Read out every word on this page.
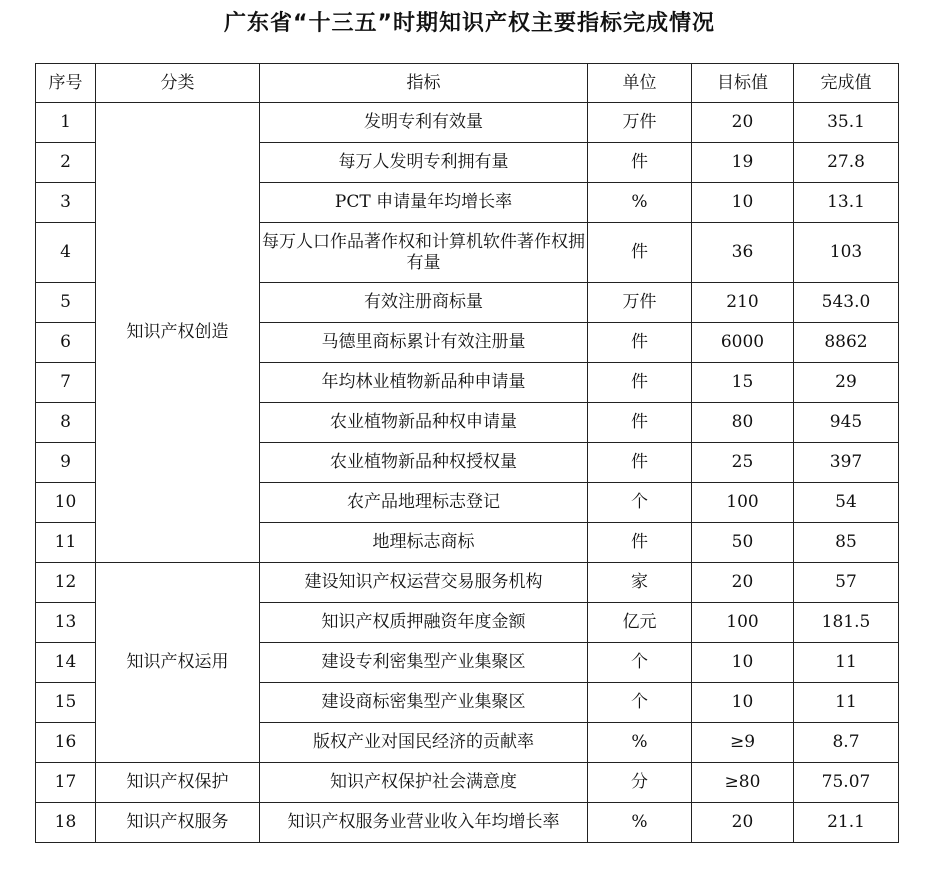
广东省“十三五”时期知识产权主要指标完成情况
序号	分类	指标	单位	目标值	完成值
1	知识产权创造	发明专利有效量	万件	20	35.1
2		每万人发明专利拥有量	件	19	27.8
3		PCT 申请量年均增长率	%	10	13.1
4		每万人口作品著作权和计算机软件著作权拥有量	件	36	103
5		有效注册商标量	万件	210	543.0
6		马德里商标累计有效注册量	件	6000	8862
7		年均林业植物新品种申请量	件	15	29
8		农业植物新品种权申请量	件	80	945
9		农业植物新品种权授权量	件	25	397
10		农产品地理标志登记	个	100	54
11		地理标志商标	件	50	85
12	知识产权运用	建设知识产权运营交易服务机构	家	20	57
13		知识产权质押融资年度金额	亿元	100	181.5
14		建设专利密集型产业集聚区	个	10	11
15		建设商标密集型产业集聚区	个	10	11
16		版权产业对国民经济的贡献率	%	≥9	8.7
17	知识产权保护	知识产权保护社会满意度	分	≥80	75.07
18	知识产权服务	知识产权服务业营业收入年均增长率	%	20	21.1
